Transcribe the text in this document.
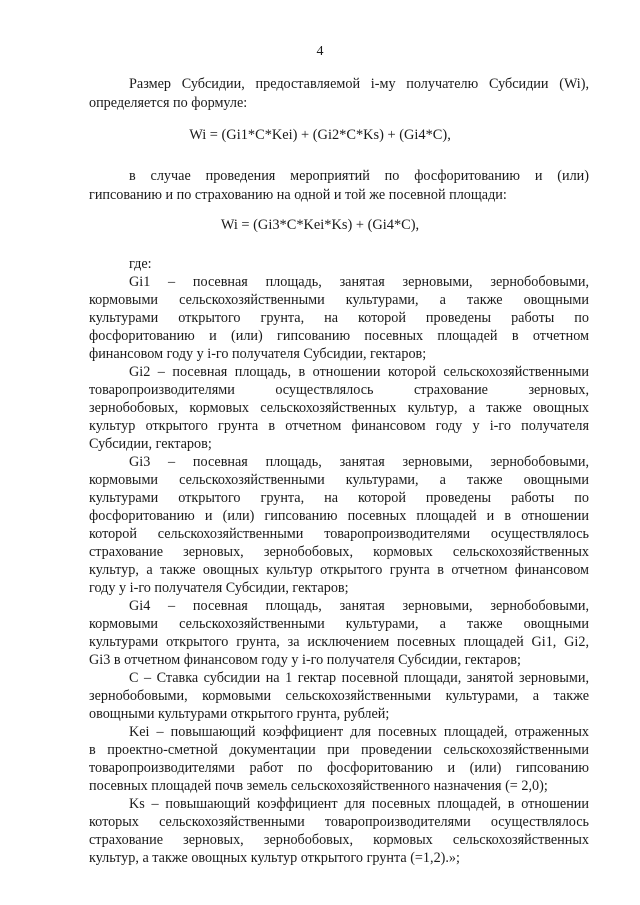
4
Размер Субсидии, предоставляемой i-му получателю Субсидии (Wi),
определяется по формуле:
Wi = (Gi1*C*Kei) + (Gi2*C*Ks) + (Gi4*C),
в случае проведения мероприятий по фосфоритованию и (или)
гипсованию и по страхованию на одной и той же посевной площади:
Wi = (Gi3*C*Kei*Ks) + (Gi4*C),
где:
Gi1 – посевная площадь, занятая зерновыми, зернобобовыми,
кормовыми сельскохозяйственными культурами, а также овощными
культурами открытого грунта, на которой проведены работы по
фосфоритованию и (или) гипсованию посевных площадей в отчетном
финансовом году у i-го получателя Субсидии, гектаров;
Gi2 – посевная площадь, в отношении которой сельскохозяйственными
товаропроизводителями осуществлялось страхование зерновых,
зернобобовых, кормовых сельскохозяйственных культур, а также овощных
культур открытого грунта в отчетном финансовом году у i-го получателя
Субсидии, гектаров;
Gi3 – посевная площадь, занятая зерновыми, зернобобовыми,
кормовыми сельскохозяйственными культурами, а также овощными
культурами открытого грунта, на которой проведены работы по
фосфоритованию и (или) гипсованию посевных площадей и в отношении
которой сельскохозяйственными товаропроизводителями осуществлялось
страхование зерновых, зернобобовых, кормовых сельскохозяйственных
культур, а также овощных культур открытого грунта в отчетном финансовом
году у i-го получателя Субсидии, гектаров;
Gi4 – посевная площадь, занятая зерновыми, зернобобовыми,
кормовыми сельскохозяйственными культурами, а также овощными
культурами открытого грунта, за исключением посевных площадей Gi1, Gi2,
Gi3 в отчетном финансовом году у i-го получателя Субсидии, гектаров;
С – Ставка субсидии на 1 гектар посевной площади, занятой зерновыми,
зернобобовыми, кормовыми сельскохозяйственными культурами, а также
овощными культурами открытого грунта, рублей;
Kei – повышающий коэффициент для посевных площадей, отраженных
в проектно-сметной документации при проведении сельскохозяйственными
товаропроизводителями работ по фосфоритованию и (или) гипсованию
посевных площадей почв земель сельскохозяйственного назначения (= 2,0);
Ks – повышающий коэффициент для посевных площадей, в отношении
которых сельскохозяйственными товаропроизводителями осуществлялось
страхование зерновых, зернобобовых, кормовых сельскохозяйственных
культур, а также овощных культур открытого грунта (=1,2).»;
